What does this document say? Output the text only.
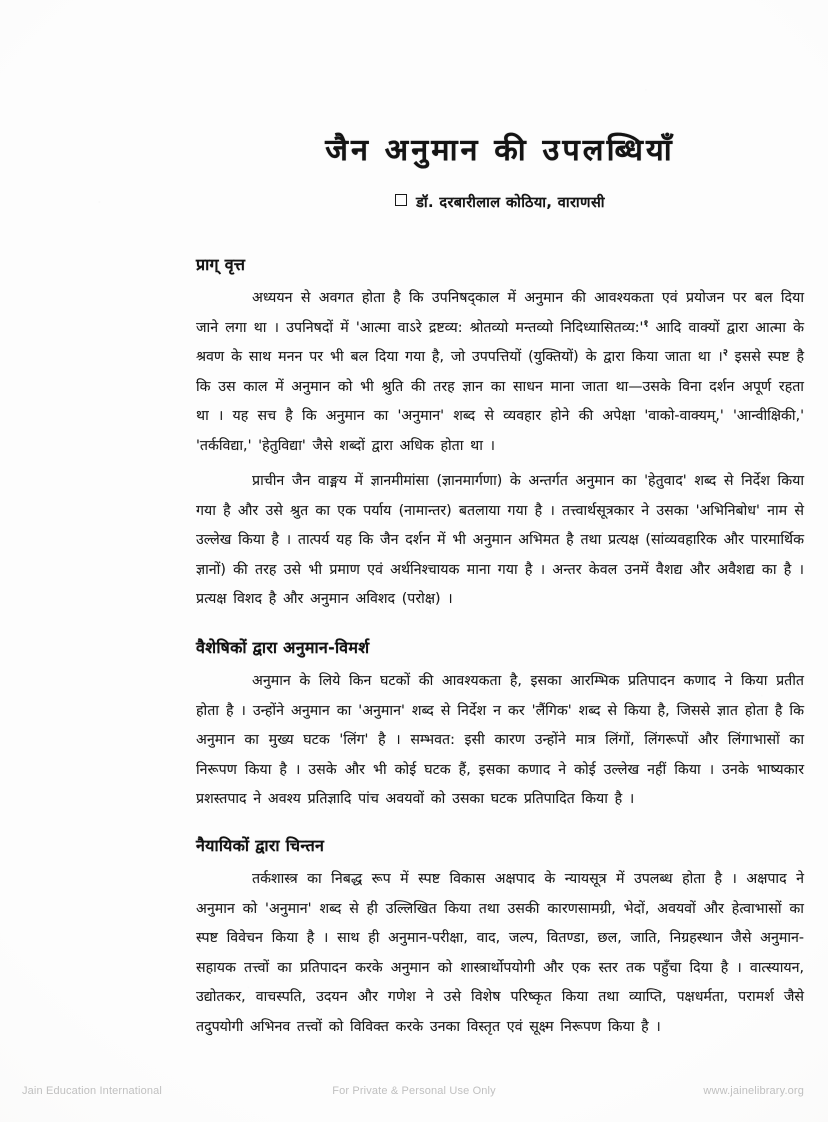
जैन अनुमान की उपलब्धियाँ

डॉ. दरबारीलाल कोठिया, वाराणसी

प्राग् वृत्त

अध्ययन से अवगत होता है कि उपनिषद्काल में अनुमान की आवश्यकता एवं प्रयोजन पर बल दिया जाने लगा था । उपनिषदों में 'आत्मा वाऽरे द्रष्टव्य: श्रोतव्यो मन्तव्यो $निदिध्यासितव्य:'^१$ आदि वाक्यों द्वारा आत्मा के श्रवण के साथ मनन पर भी बल दिया गया है, जो उपपत्तियों (युक्तियों) के द्वारा किया जाता था ।$^२$ इससे स्पष्ट है कि उस काल में अनुमान को भी श्रुति की तरह ज्ञान का साधन माना जाता था—उसके विना दर्शन अपूर्ण रहता था । यह सच है कि अनुमान का 'अनुमान' शब्द से व्यवहार होने की अपेक्षा 'वाको-वाक्यम्,' 'आन्वीक्षिकी,' 'तर्कविद्या,' 'हेतुविद्या' जैसे शब्दों द्वारा अधिक होता था ।

प्राचीन जैन वाङ्मय में ज्ञानमीमांसा (ज्ञानमार्गणा) के अन्तर्गत अनुमान का 'हेतुवाद' शब्द से निर्देश किया गया है और उसे श्रुत का एक पर्याय (नामान्तर) बतलाया गया है । तत्त्वार्थसूत्रकार ने उसका 'अभिनिबोध' नाम से उल्लेख किया है । तात्पर्य यह कि जैन दर्शन में भी अनुमान अभिमत है तथा प्रत्यक्ष (सांव्यवहारिक और पारमार्थिक ज्ञानों) की तरह उसे भी प्रमाण एवं अर्थनिश्चायक माना गया है । अन्तर केवल उनमें वैशद्य और अवैशद्य का है । प्रत्यक्ष विशद है और अनुमान अविशद (परोक्ष) ।

वैशेषिकों द्वारा अनुमान-विमर्श

अनुमान के लिये किन घटकों की आवश्यकता है, इसका आरम्भिक प्रतिपादन कणाद ने किया प्रतीत होता है । उन्होंने अनुमान का 'अनुमान' शब्द से निर्देश न कर 'लैंगिक' शब्द से किया है, जिससे ज्ञात होता है कि अनुमान का मुख्य घटक 'लिंग' है । सम्भवत: इसी कारण उन्होंने मात्र लिंगों, लिंगरूपों और लिंगाभासों का निरूपण किया है । उसके और भी कोई घटक हैं, इसका कणाद ने कोई उल्लेख नहीं किया । उनके भाष्यकार प्रशस्तपाद ने अवश्य प्रतिज्ञादि पांच अवयवों को उसका घटक प्रतिपादित किया है ।

नैयायिकों द्वारा चिन्तन

तर्कशास्त्र का निबद्ध रूप में स्पष्ट विकास अक्षपाद के न्यायसूत्र में उपलब्ध होता है । अक्षपाद ने अनुमान को 'अनुमान' शब्द से ही उल्लिखित किया तथा उसकी कारणसामग्री, भेदों, अवयवों और हेत्वाभासों का स्पष्ट विवेचन किया है । साथ ही अनुमान-परीक्षा, वाद, जल्प, वितण्डा, छल, जाति, निग्रहस्थान जैसे अनुमान-सहायक तत्त्वों का प्रतिपादन करके अनुमान को शास्त्रार्थोपयोगी और एक स्तर तक पहुँचा दिया है । वात्स्यायन, उद्योतकर, वाचस्पति, उदयन और गणेश ने उसे विशेष परिष्कृत किया तथा व्याप्ति, पक्षधर्मता, परामर्श जैसे तदुपयोगी अभिनव तत्त्वों को विविक्त करके उनका विस्तृत एवं सूक्ष्म निरूपण किया है ।

Jain Education International	For Private & Personal Use Only	www.jainelibrary.org
